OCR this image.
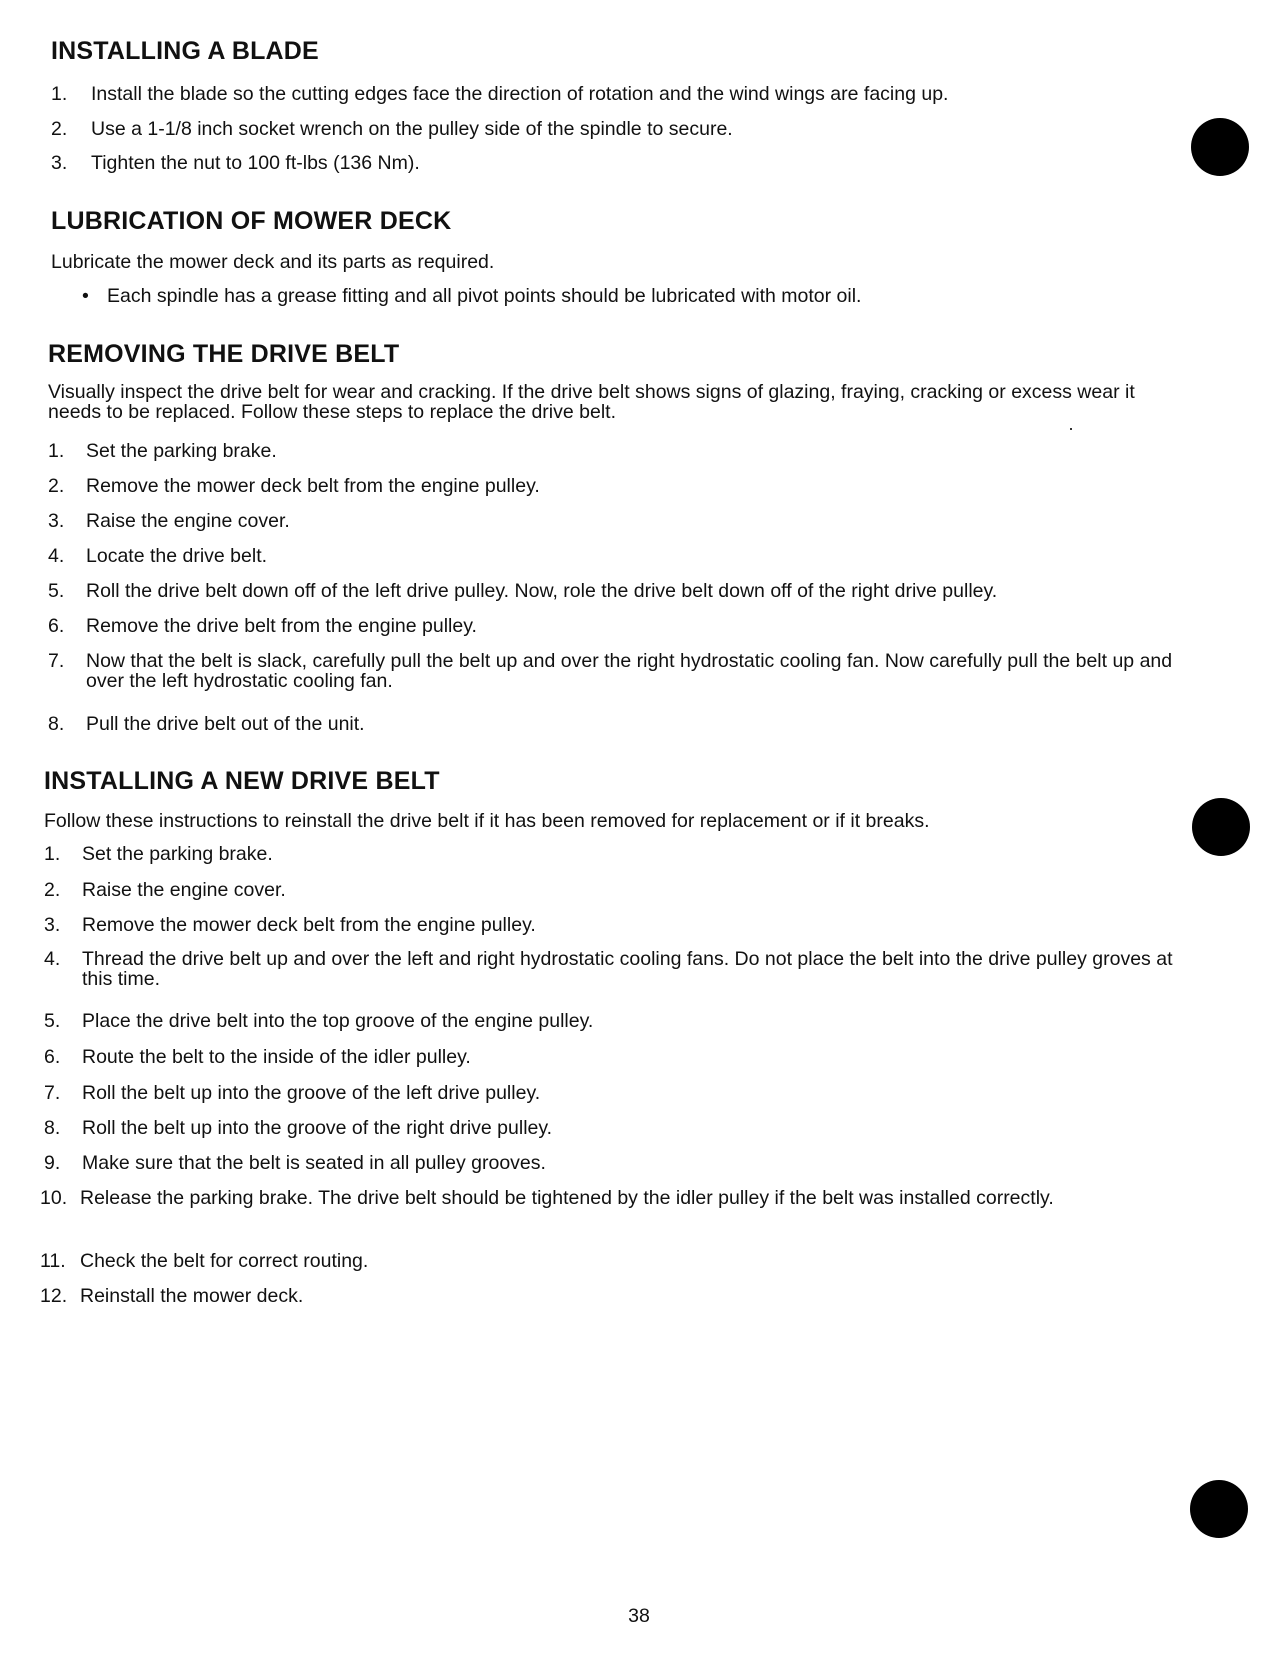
INSTALLING A BLADE
1. Install the blade so the cutting edges face the direction of rotation and the wind wings are facing up.
2. Use a 1-1/8 inch socket wrench on the pulley side of the spindle to secure.
3. Tighten the nut to 100 ft-lbs (136 Nm).
LUBRICATION OF MOWER DECK

Lubricate the mower deck and its parts as required.

• Each spindle has a grease fitting and all pivot points should be lubricated with motor oil.
REMOVING THE DRIVE BELT

Visually inspect the drive belt for wear and cracking. If the drive belt shows signs of glazing, fraying, cracking or excess wear it needs to be replaced. Follow these steps to replace the drive belt.

1. Set the parking brake.
2. Remove the mower deck belt from the engine pulley.
3. Raise the engine cover.
4. Locate the drive belt.
5. Roll the drive belt down off of the left drive pulley. Now, role the drive belt down off of the right drive pulley.
6. Remove the drive belt from the engine pulley.
7. Now that the belt is slack, carefully pull the belt up and over the right hydrostatic cooling fan. Now carefully pull the belt up and over the left hydrostatic cooling fan.
8. Pull the drive belt out of the unit.
INSTALLING A NEW DRIVE BELT

Follow these instructions to reinstall the drive belt if it has been removed for replacement or if it breaks.

1. Set the parking brake.
2. Raise the engine cover.
3. Remove the mower deck belt from the engine pulley.
4. Thread the drive belt up and over the left and right hydrostatic cooling fans. Do not place the belt into the drive pulley groves at this time.
5. Place the drive belt into the top groove of the engine pulley.
6. Route the belt to the inside of the idler pulley.
7. Roll the belt up into the groove of the left drive pulley.
8. Roll the belt up into the groove of the right drive pulley.
9. Make sure that the belt is seated in all pulley grooves.
10. Release the parking brake. The drive belt should be tightened by the idler pulley if the belt was installed correctly.
11. Check the belt for correct routing.
12. Reinstall the mower deck.
38
